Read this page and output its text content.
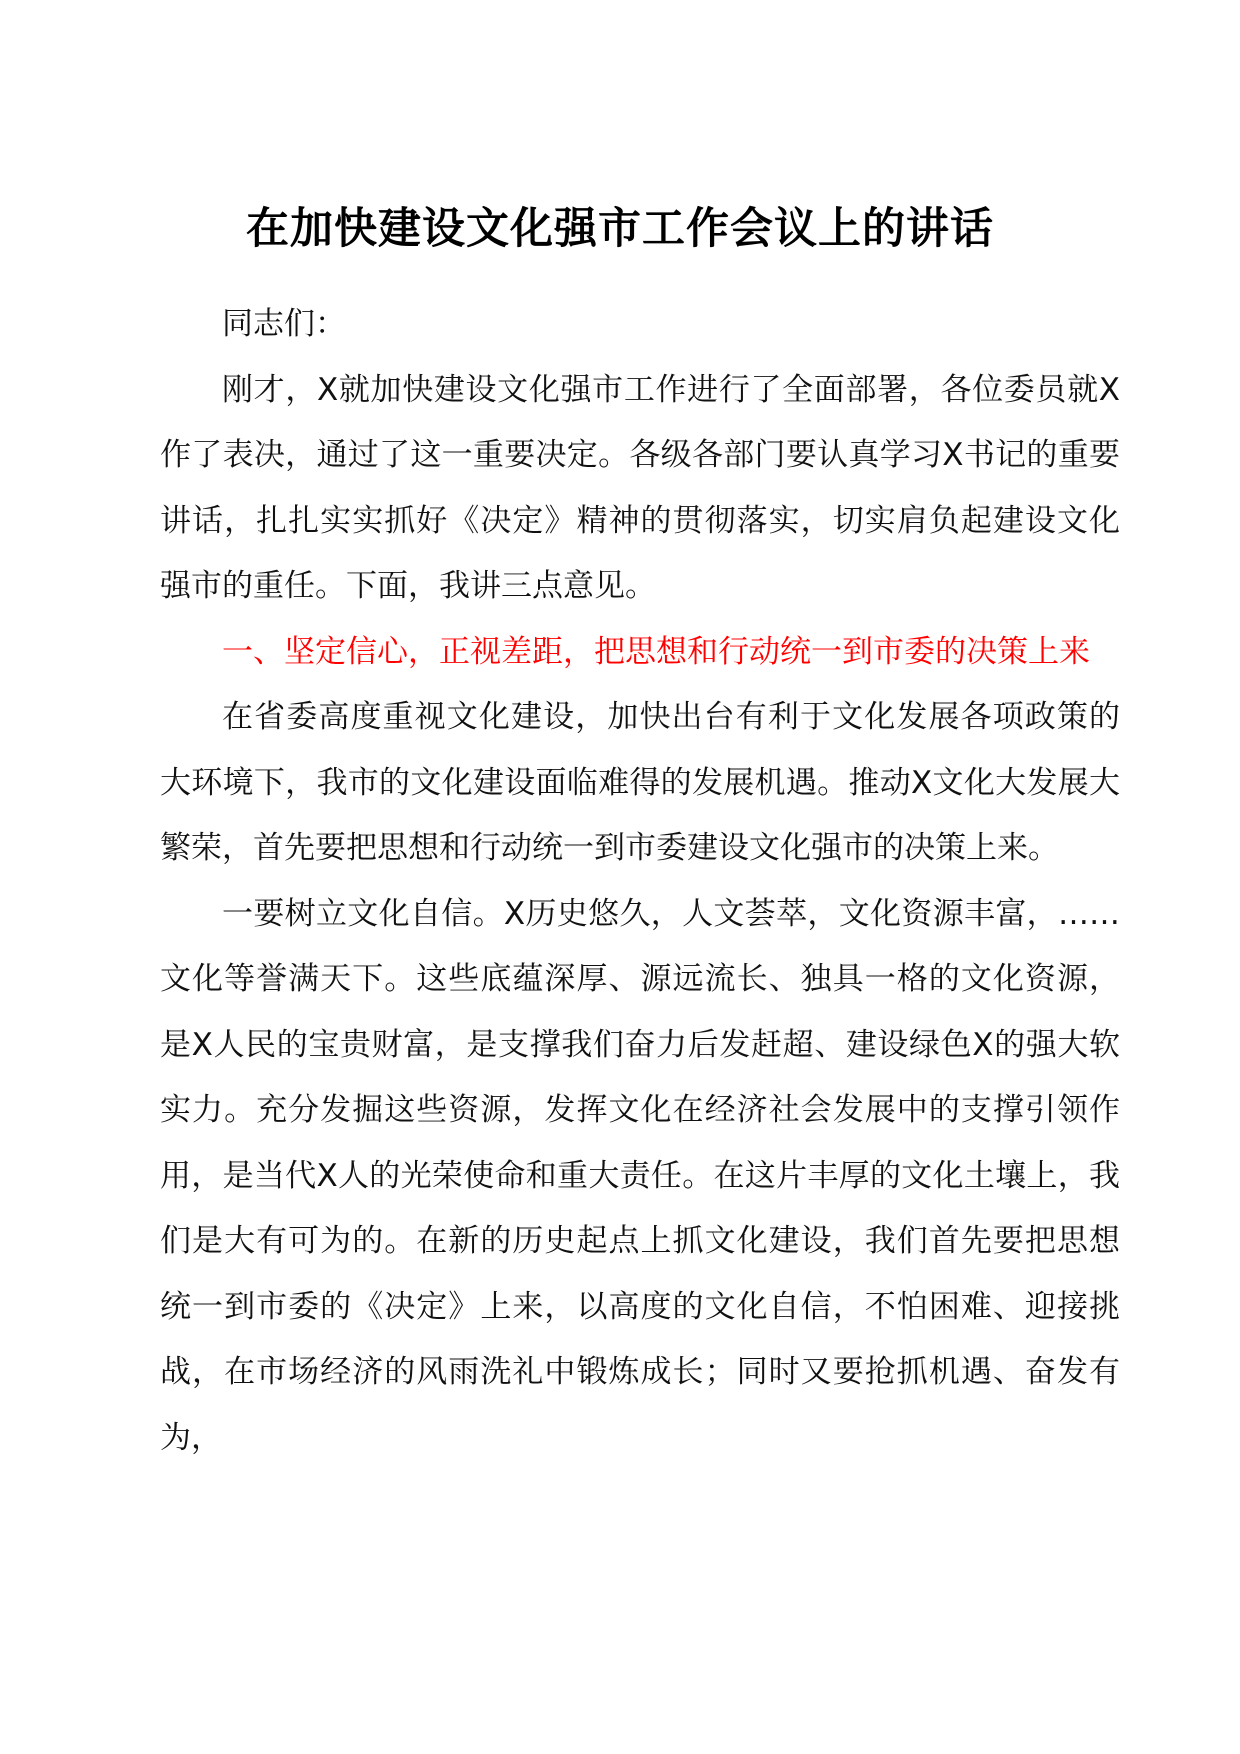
在加快建设文化强市工作会议上的讲话

同志们：

刚才，X就加快建设文化强市工作进行了全面部署，各位委员就X作了表决，通过了这一重要决定。各级各部门要认真学习X书记的重要讲话，扎扎实实抓好《决定》精神的贯彻落实，切实肩负起建设文化强市的重任。下面，我讲三点意见。

一、坚定信心，正视差距，把思想和行动统一到市委的决策上来

在省委高度重视文化建设，加快出台有利于文化发展各项政策的大环境下，我市的文化建设面临难得的发展机遇。推动X文化大发展大繁荣，首先要把思想和行动统一到市委建设文化强市的决策上来。

一要树立文化自信。X历史悠久，人文荟萃，文化资源丰富，……文化等誉满天下。这些底蕴深厚、源远流长、独具一格的文化资源，是X人民的宝贵财富，是支撑我们奋力后发赶超、建设绿色X的强大软实力。充分发掘这些资源，发挥文化在经济社会发展中的支撑引领作用，是当代X人的光荣使命和重大责任。在这片丰厚的文化土壤上，我们是大有可为的。在新的历史起点上抓文化建设，我们首先要把思想统一到市委的《决定》上来，以高度的文化自信，不怕困难、迎接挑战，在市场经济的风雨洗礼中锻炼成长；同时又要抢抓机遇、奋发有为，
